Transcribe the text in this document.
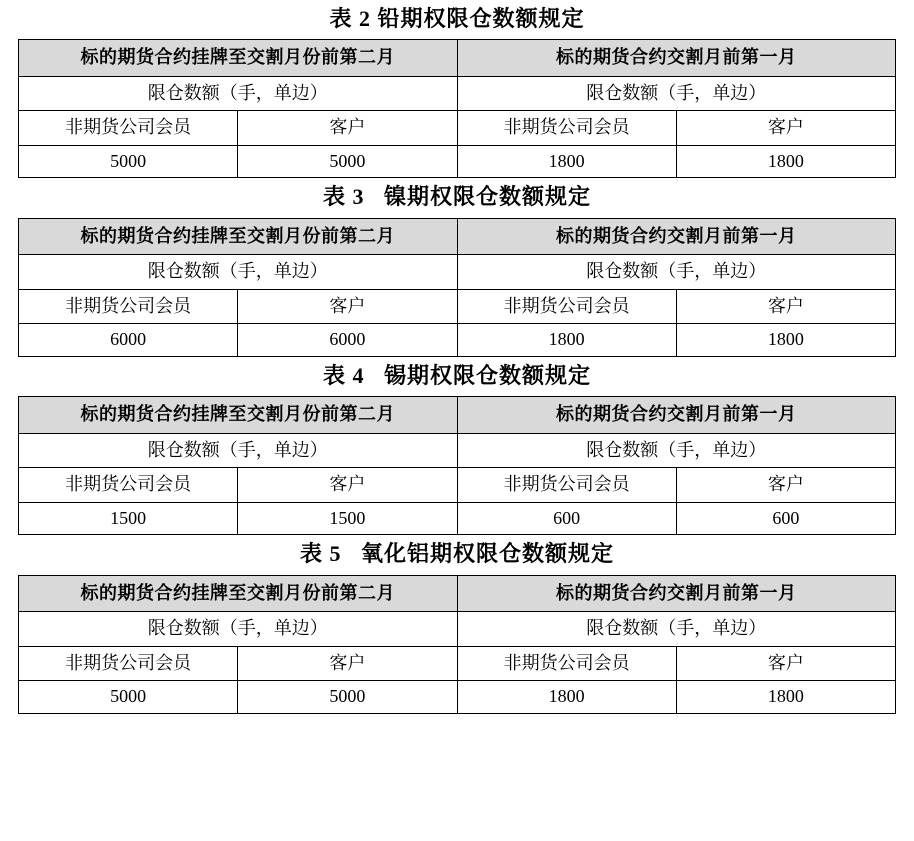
表 2 铅期权限仓数额规定
标的期货合约挂牌至交割月份前第二月		标的期货合约交割月前第一月	
限仓数额（手，单边）		限仓数额（手，单边）	
非期货公司会员	客户	非期货公司会员	客户
5000	5000	1800	1800
表 3   镍期权限仓数额规定
标的期货合约挂牌至交割月份前第二月		标的期货合约交割月前第一月	
限仓数额（手，单边）		限仓数额（手，单边）	
非期货公司会员	客户	非期货公司会员	客户
6000	6000	1800	1800
表 4   锡期权限仓数额规定
标的期货合约挂牌至交割月份前第二月		标的期货合约交割月前第一月	
限仓数额（手，单边）		限仓数额（手，单边）	
非期货公司会员	客户	非期货公司会员	客户
1500	1500	600	600
表 5   氧化铝期权限仓数额规定
标的期货合约挂牌至交割月份前第二月		标的期货合约交割月前第一月	
限仓数额（手，单边）		限仓数额（手，单边）	
非期货公司会员	客户	非期货公司会员	客户
5000	5000	1800	1800
